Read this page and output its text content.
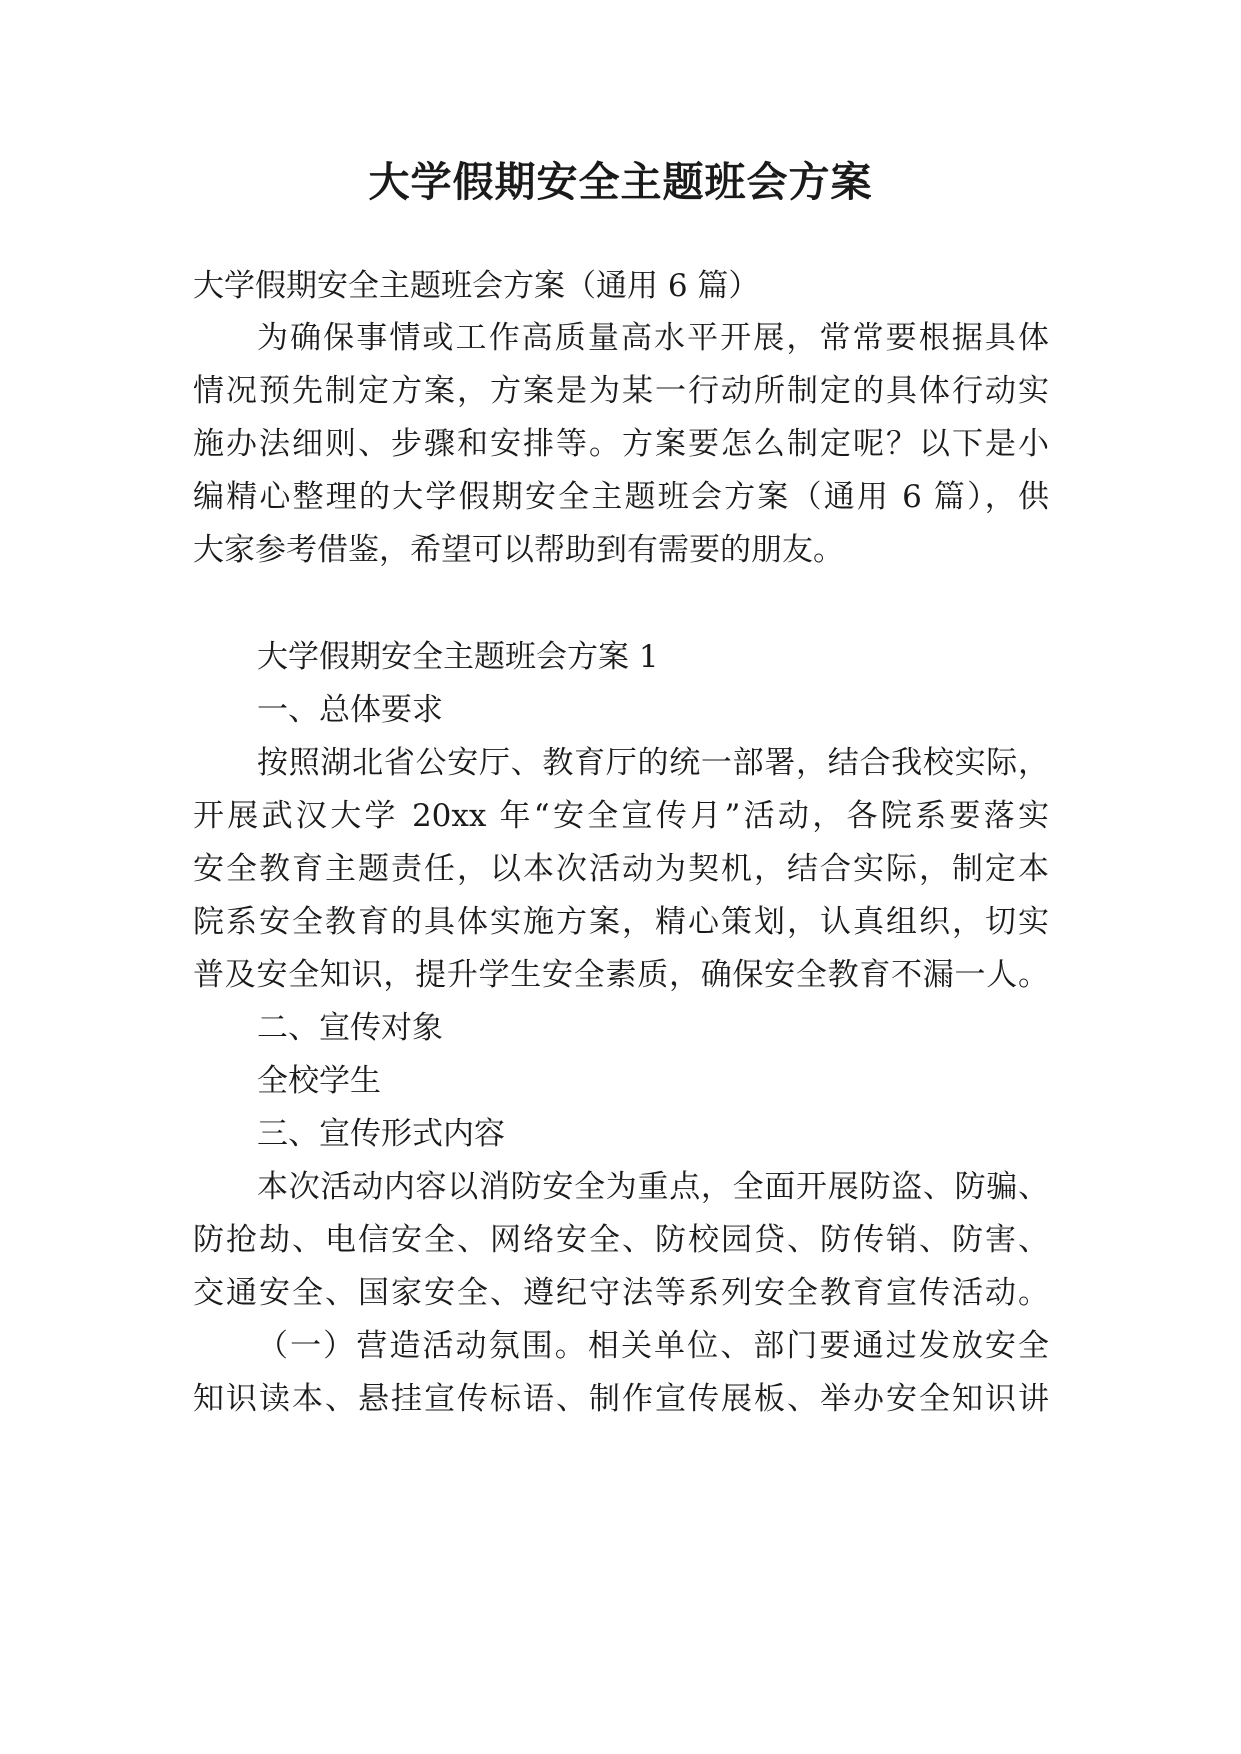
大学假期安全主题班会方案

大学假期安全主题班会方案（通用 6 篇）

为确保事情或工作高质量高水平开展，常常要根据具体

情况预先制定方案，方案是为某一行动所制定的具体行动实

施办法细则、步骤和安排等。方案要怎么制定呢？以下是小

编精心整理的大学假期安全主题班会方案（通用 6 篇），供

大家参考借鉴，希望可以帮助到有需要的朋友。

大学假期安全主题班会方案 1

一、总体要求

按照湖北省公安厅、教育厅的统一部署，结合我校实际，

开展武汉大学 20xx 年“安全宣传月”活动，各院系要落实

安全教育主题责任，以本次活动为契机，结合实际，制定本

院系安全教育的具体实施方案，精心策划，认真组织，切实

普及安全知识，提升学生安全素质，确保安全教育不漏一人。

二、宣传对象

全校学生

三、宣传形式内容

本次活动内容以消防安全为重点，全面开展防盗、防骗、

防抢劫、电信安全、网络安全、防校园贷、防传销、防害、

交通安全、国家安全、遵纪守法等系列安全教育宣传活动。

（一）营造活动氛围。相关单位、部门要通过发放安全

知识读本、悬挂宣传标语、制作宣传展板、举办安全知识讲
